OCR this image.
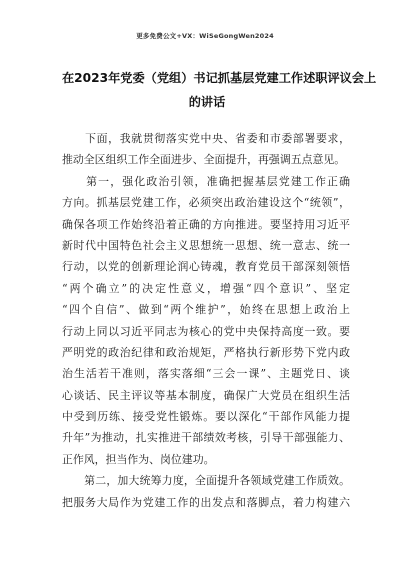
更多免费公文+VX：WiSeGongWen2024
在2023年党委（党组）书记抓基层党建工作述职评议会上
的讲话
　　下面，我就贯彻落实党中央、省委和市委部署要求，
推动全区组织工作全面进步、全面提升，再强调五点意见。
　　第一，强化政治引领，准确把握基层党建工作正确
方向。抓基层党建工作，必须突出政治建设这个“统领”，
确保各项工作始终沿着正确的方向推进。要坚持用习近平
新时代中国特色社会主义思想统一思想、统一意志、统一
行动，以党的创新理论润心铸魂，教育党员干部深刻领悟
“两个确立”的决定性意义，增强“四个意识”、坚定
“四个自信”、做到“两个维护”，始终在思想上政治上
行动上同以习近平同志为核心的党中央保持高度一致。要
严明党的政治纪律和政治规矩，严格执行新形势下党内政
治生活若干准则，落实落细“三会一课”、主题党日、谈
心谈话、民主评议等基本制度，确保广大党员在组织生活
中受到历练、接受党性锻炼。要以深化“干部作风能力提
升年”为推动，扎实推进干部绩效考核，引导干部强能力、
正作风，担当作为、岗位建功。
　　第二，加大统筹力度，全面提升各领域党建工作质效。
把服务大局作为党建工作的出发点和落脚点，着力构建六
